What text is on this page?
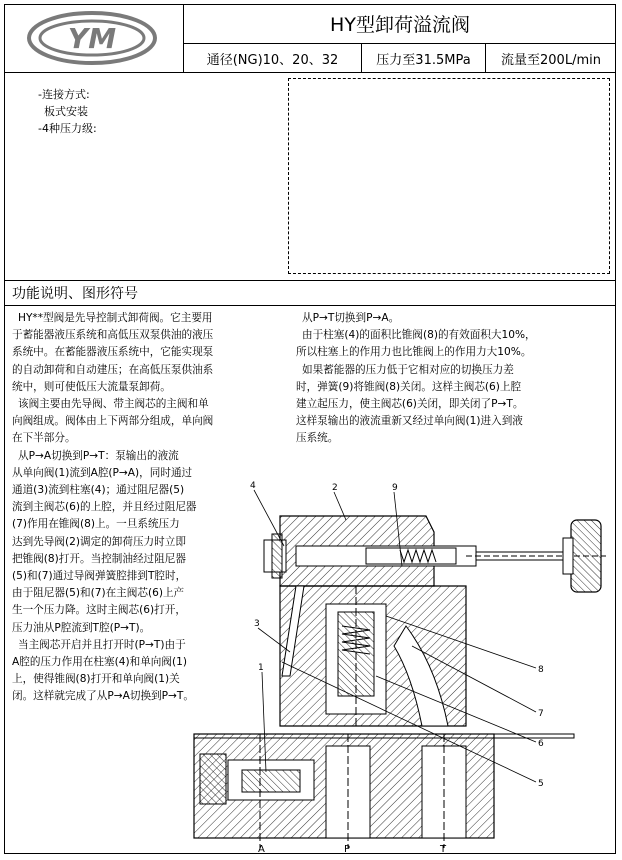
YM	HY型卸荷溢流阀
通径(NG)10、20、32	压力至31.5MPa	流量至200L/min
-连接方式:
板式安装
-4种压力级:
功能说明、图形符号

HY**型阀是先导控制式卸荷阀。它主要用

于蓄能器液压系统和高低压双泵供油的液压

系统中。在蓄能器液压系统中，它能实现泵

的自动卸荷和自动建压；在高低压泵供油系

统中，则可使低压大流量泵卸荷。

该阀主要由先导阀、带主阀芯的主阀和单

向阀组成。阀体由上下两部分组成，单向阀

在下半部分。

从P→A切换到P→T：泵输出的液流

从单向阀(1)流到A腔(P→A)，同时通过

通道(3)流到柱塞(4)；通过阻尼器(5)

流到主阀芯(6)的上腔，并且经过阻尼器

(7)作用在锥阀(8)上。一旦系统压力

达到先导阀(2)调定的卸荷压力时立即

把锥阀(8)打开。当控制油经过阻尼器

(5)和(7)通过导阀弹簧腔排到T腔时，

由于阻尼器(5)和(7)在主阀芯(6)上产

生一个压力降。这时主阀芯(6)打开，

压力油从P腔流到T腔(P→T)。

当主阀芯开启并且打开时(P→T)由于

A腔的压力作用在柱塞(4)和单向阀(1)

上，使得锥阀(8)打开和单向阀(1)关

闭。这样就完成了从P→A切换到P→T。

从P→T切换到P→A。

由于柱塞(4)的面积比锥阀(8)的有效面积大10%，

所以柱塞上的作用力也比锥阀上的作用力大10%。

如果蓄能器的压力低于它相对应的切换压力差

时，弹簧(9)将锥阀(8)关闭。这样主阀芯(6)上腔

建立起压力，使主阀芯(6)关闭，即关闭了P→T。

这样泵输出的液流重新又经过单向阀(1)进入到液

压系统。

4	2	9
3
1	8
7
6
5
A	P	T
